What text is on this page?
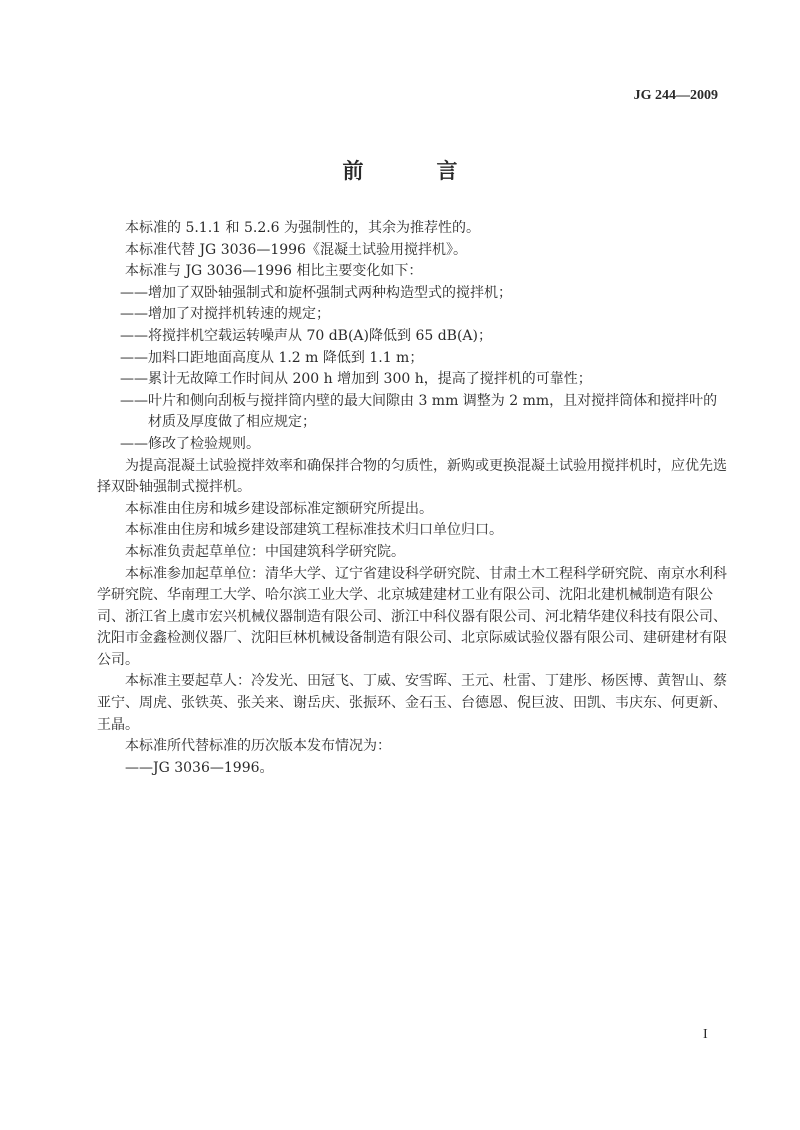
JG 244—2009
前　言

本标准的 5.1.1 和 5.2.6 为强制性的，其余为推荐性的。

本标准代替 JG 3036—1996《混凝土试验用搅拌机》。

本标准与 JG 3036—1996 相比主要变化如下：

——增加了双卧轴强制式和旋杯强制式两种构造型式的搅拌机；

——增加了对搅拌机转速的规定；

——将搅拌机空载运转噪声从 70 dB(A)降低到 65 dB(A)；

——加料口距地面高度从 1.2 m 降低到 1.1 m；

——累计无故障工作时间从 200 h 增加到 300 h，提高了搅拌机的可靠性；

——叶片和侧向刮板与搅拌筒内壁的最大间隙由 3 mm 调整为 2 mm，且对搅拌筒体和搅拌叶的材质及厚度做了相应规定；

——修改了检验规则。

为提高混凝土试验搅拌效率和确保拌合物的匀质性，新购或更换混凝土试验用搅拌机时，应优先选择双卧轴强制式搅拌机。

本标准由住房和城乡建设部标准定额研究所提出。

本标准由住房和城乡建设部建筑工程标准技术归口单位归口。

本标准负责起草单位：中国建筑科学研究院。

本标准参加起草单位：清华大学、辽宁省建设科学研究院、甘肃土木工程科学研究院、南京水利科学研究院、华南理工大学、哈尔滨工业大学、北京城建建材工业有限公司、沈阳北建机械制造有限公司、浙江省上虞市宏兴机械仪器制造有限公司、浙江中科仪器有限公司、河北精华建仪科技有限公司、沈阳市金鑫检测仪器厂、沈阳巨林机械设备制造有限公司、北京际威试验仪器有限公司、建研建材有限公司。

本标准主要起草人：冷发光、田冠飞、丁威、安雪晖、王元、杜雷、丁建彤、杨医博、黄智山、蔡亚宁、周虎、张铁英、张关来、谢岳庆、张振环、金石玉、台德恩、倪巨波、田凯、韦庆东、何更新、王晶。

本标准所代替标准的历次版本发布情况为：

——JG 3036—1996。

I
